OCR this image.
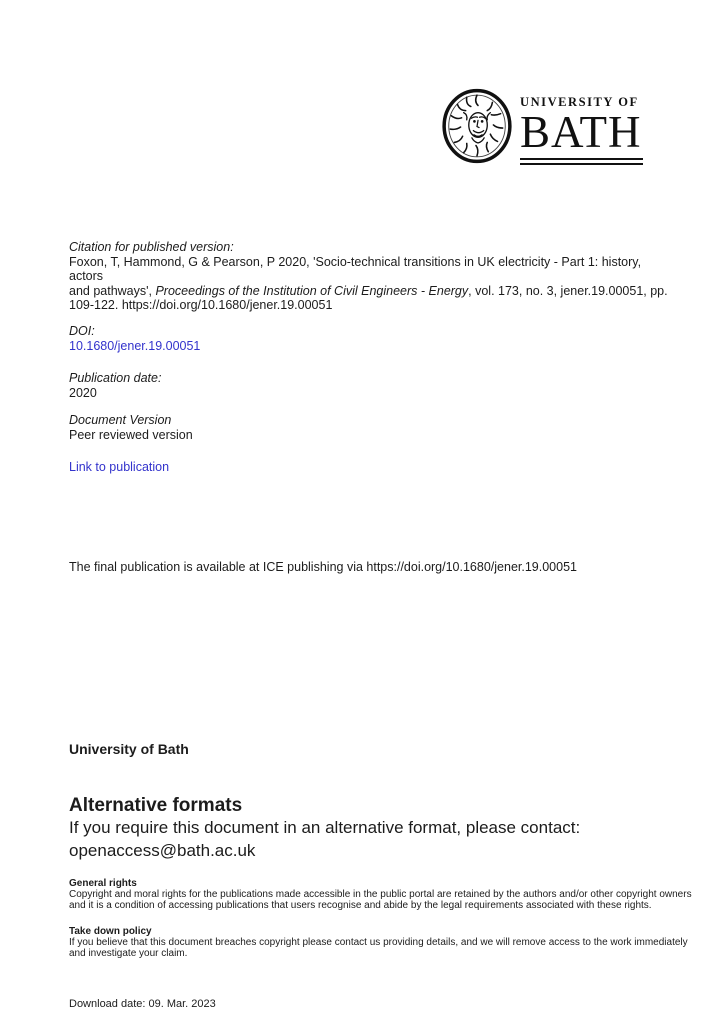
UNIVERSITY OF
BATH
Citation for published version:
Foxon, T, Hammond, G & Pearson, P 2020, 'Socio-technical transitions in UK electricity - Part 1: history, actors
and pathways', Proceedings of the Institution of Civil Engineers - Energy, vol. 173, no. 3, jener.19.00051, pp.
109-122. https://doi.org/10.1680/jener.19.00051
DOI:
10.1680/jener.19.00051
Publication date:
2020
Document Version
Peer reviewed version
Link to publication
The final publication is available at ICE publishing via https://doi.org/10.1680/jener.19.00051
University of Bath
Alternative formats
If you require this document in an alternative format, please contact:
openaccess@bath.ac.uk
General rights
Copyright and moral rights for the publications made accessible in the public portal are retained by the authors and/or other copyright owners
and it is a condition of accessing publications that users recognise and abide by the legal requirements associated with these rights.
Take down policy
If you believe that this document breaches copyright please contact us providing details, and we will remove access to the work immediately
and investigate your claim.
Download date: 09. Mar. 2023
